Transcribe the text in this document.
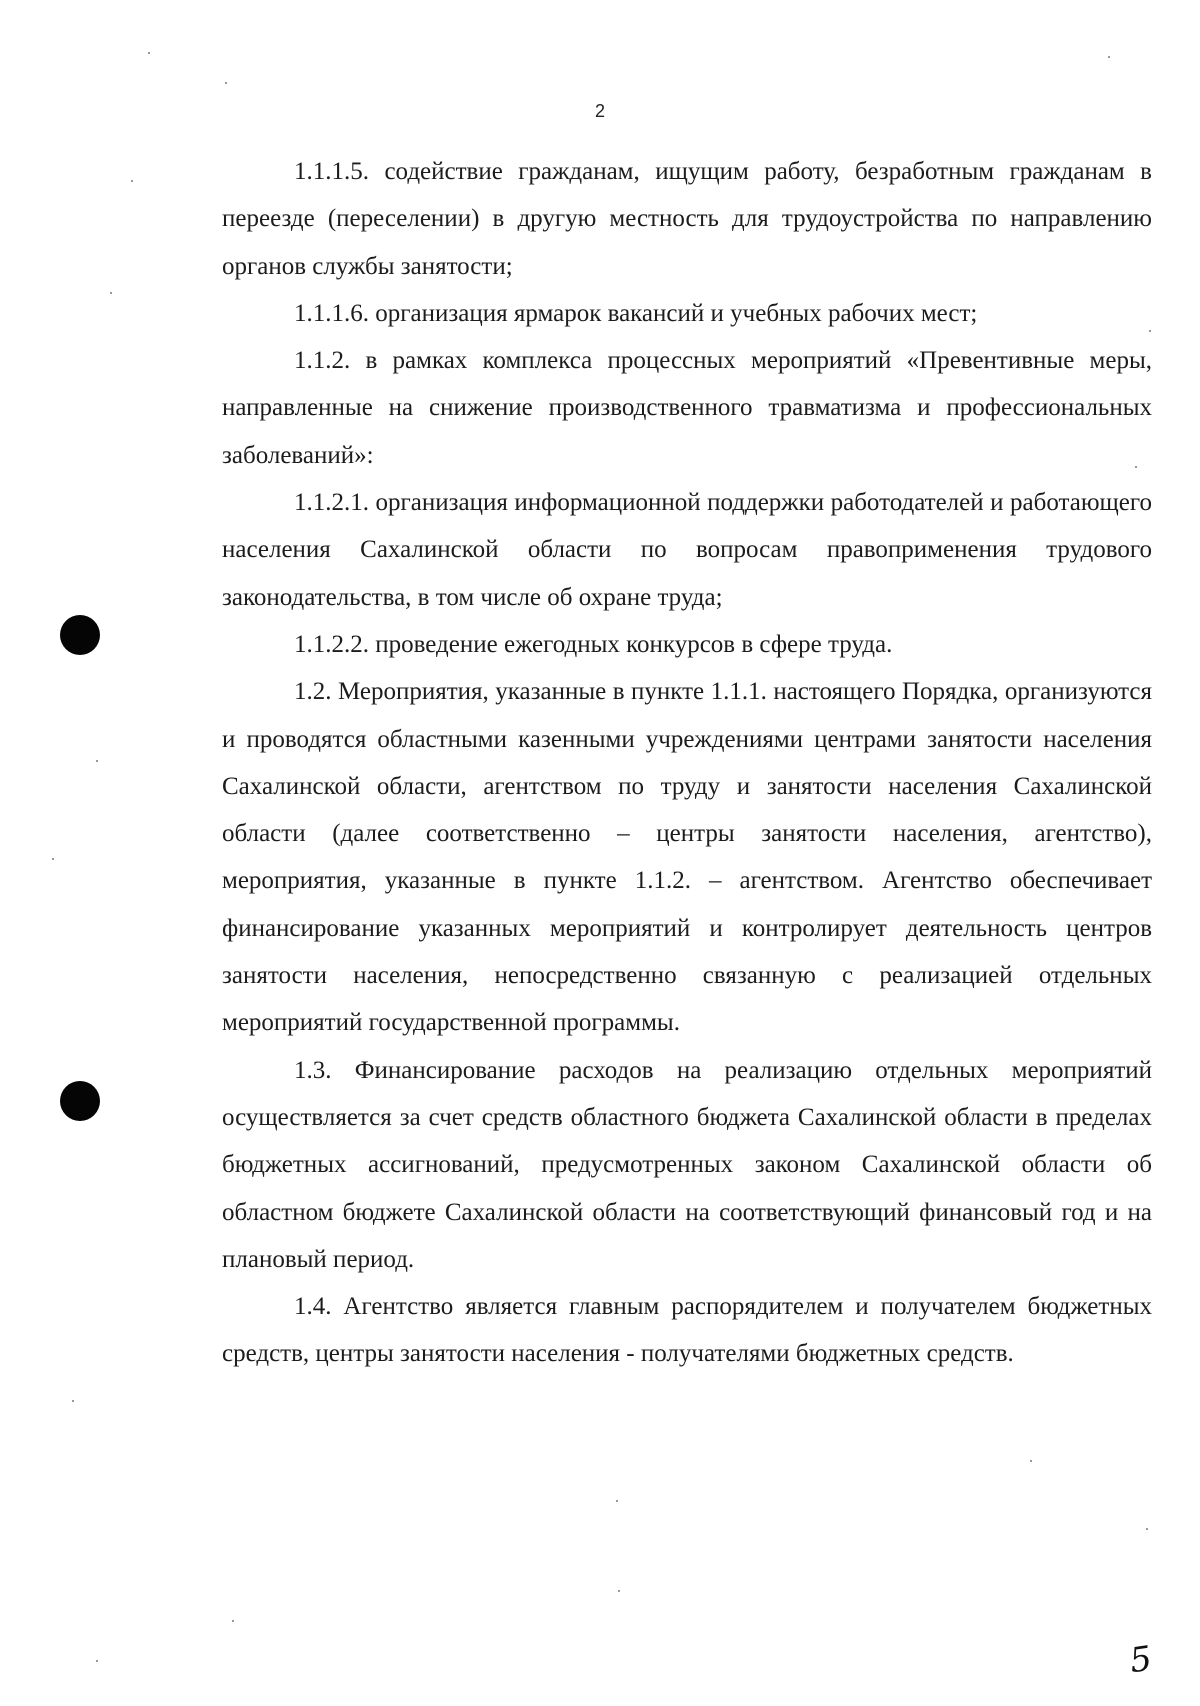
2

1.1.1.5. содействие гражданам, ищущим работу, безработным гражданам в переезде (переселении) в другую местность для трудоустройства по направлению органов службы занятости;

1.1.1.6. организация ярмарок вакансий и учебных рабочих мест;

1.1.2. в рамках комплекса процессных мероприятий «Превентивные меры, направленные на снижение производственного травматизма и профессиональных заболеваний»:

1.1.2.1. организация информационной поддержки работодателей и работающего населения Сахалинской области по вопросам правоприменения трудового законодательства, в том числе об охране труда;

1.1.2.2. проведение ежегодных конкурсов в сфере труда.

1.2. Мероприятия, указанные в пункте 1.1.1. настоящего Порядка, организуются и проводятся областными казенными учреждениями центрами занятости населения Сахалинской области, агентством по труду и занятости населения Сахалинской области (далее соответственно – центры занятости населения, агентство), мероприятия, указанные в пункте 1.1.2. – агентством. Агентство обеспечивает финансирование указанных мероприятий и контролирует деятельность центров занятости населения, непосредственно связанную с реализацией отдельных мероприятий государственной программы.

1.3. Финансирование расходов на реализацию отдельных мероприятий осуществляется за счет средств областного бюджета Сахалинской области в пределах бюджетных ассигнований, предусмотренных законом Сахалинской области об областном бюджете Сахалинской области на соответствующий финансовый год и на плановый период.

1.4. Агентство является главным распорядителем и получателем бюджетных средств, центры занятости населения - получателями бюджетных средств.

5
